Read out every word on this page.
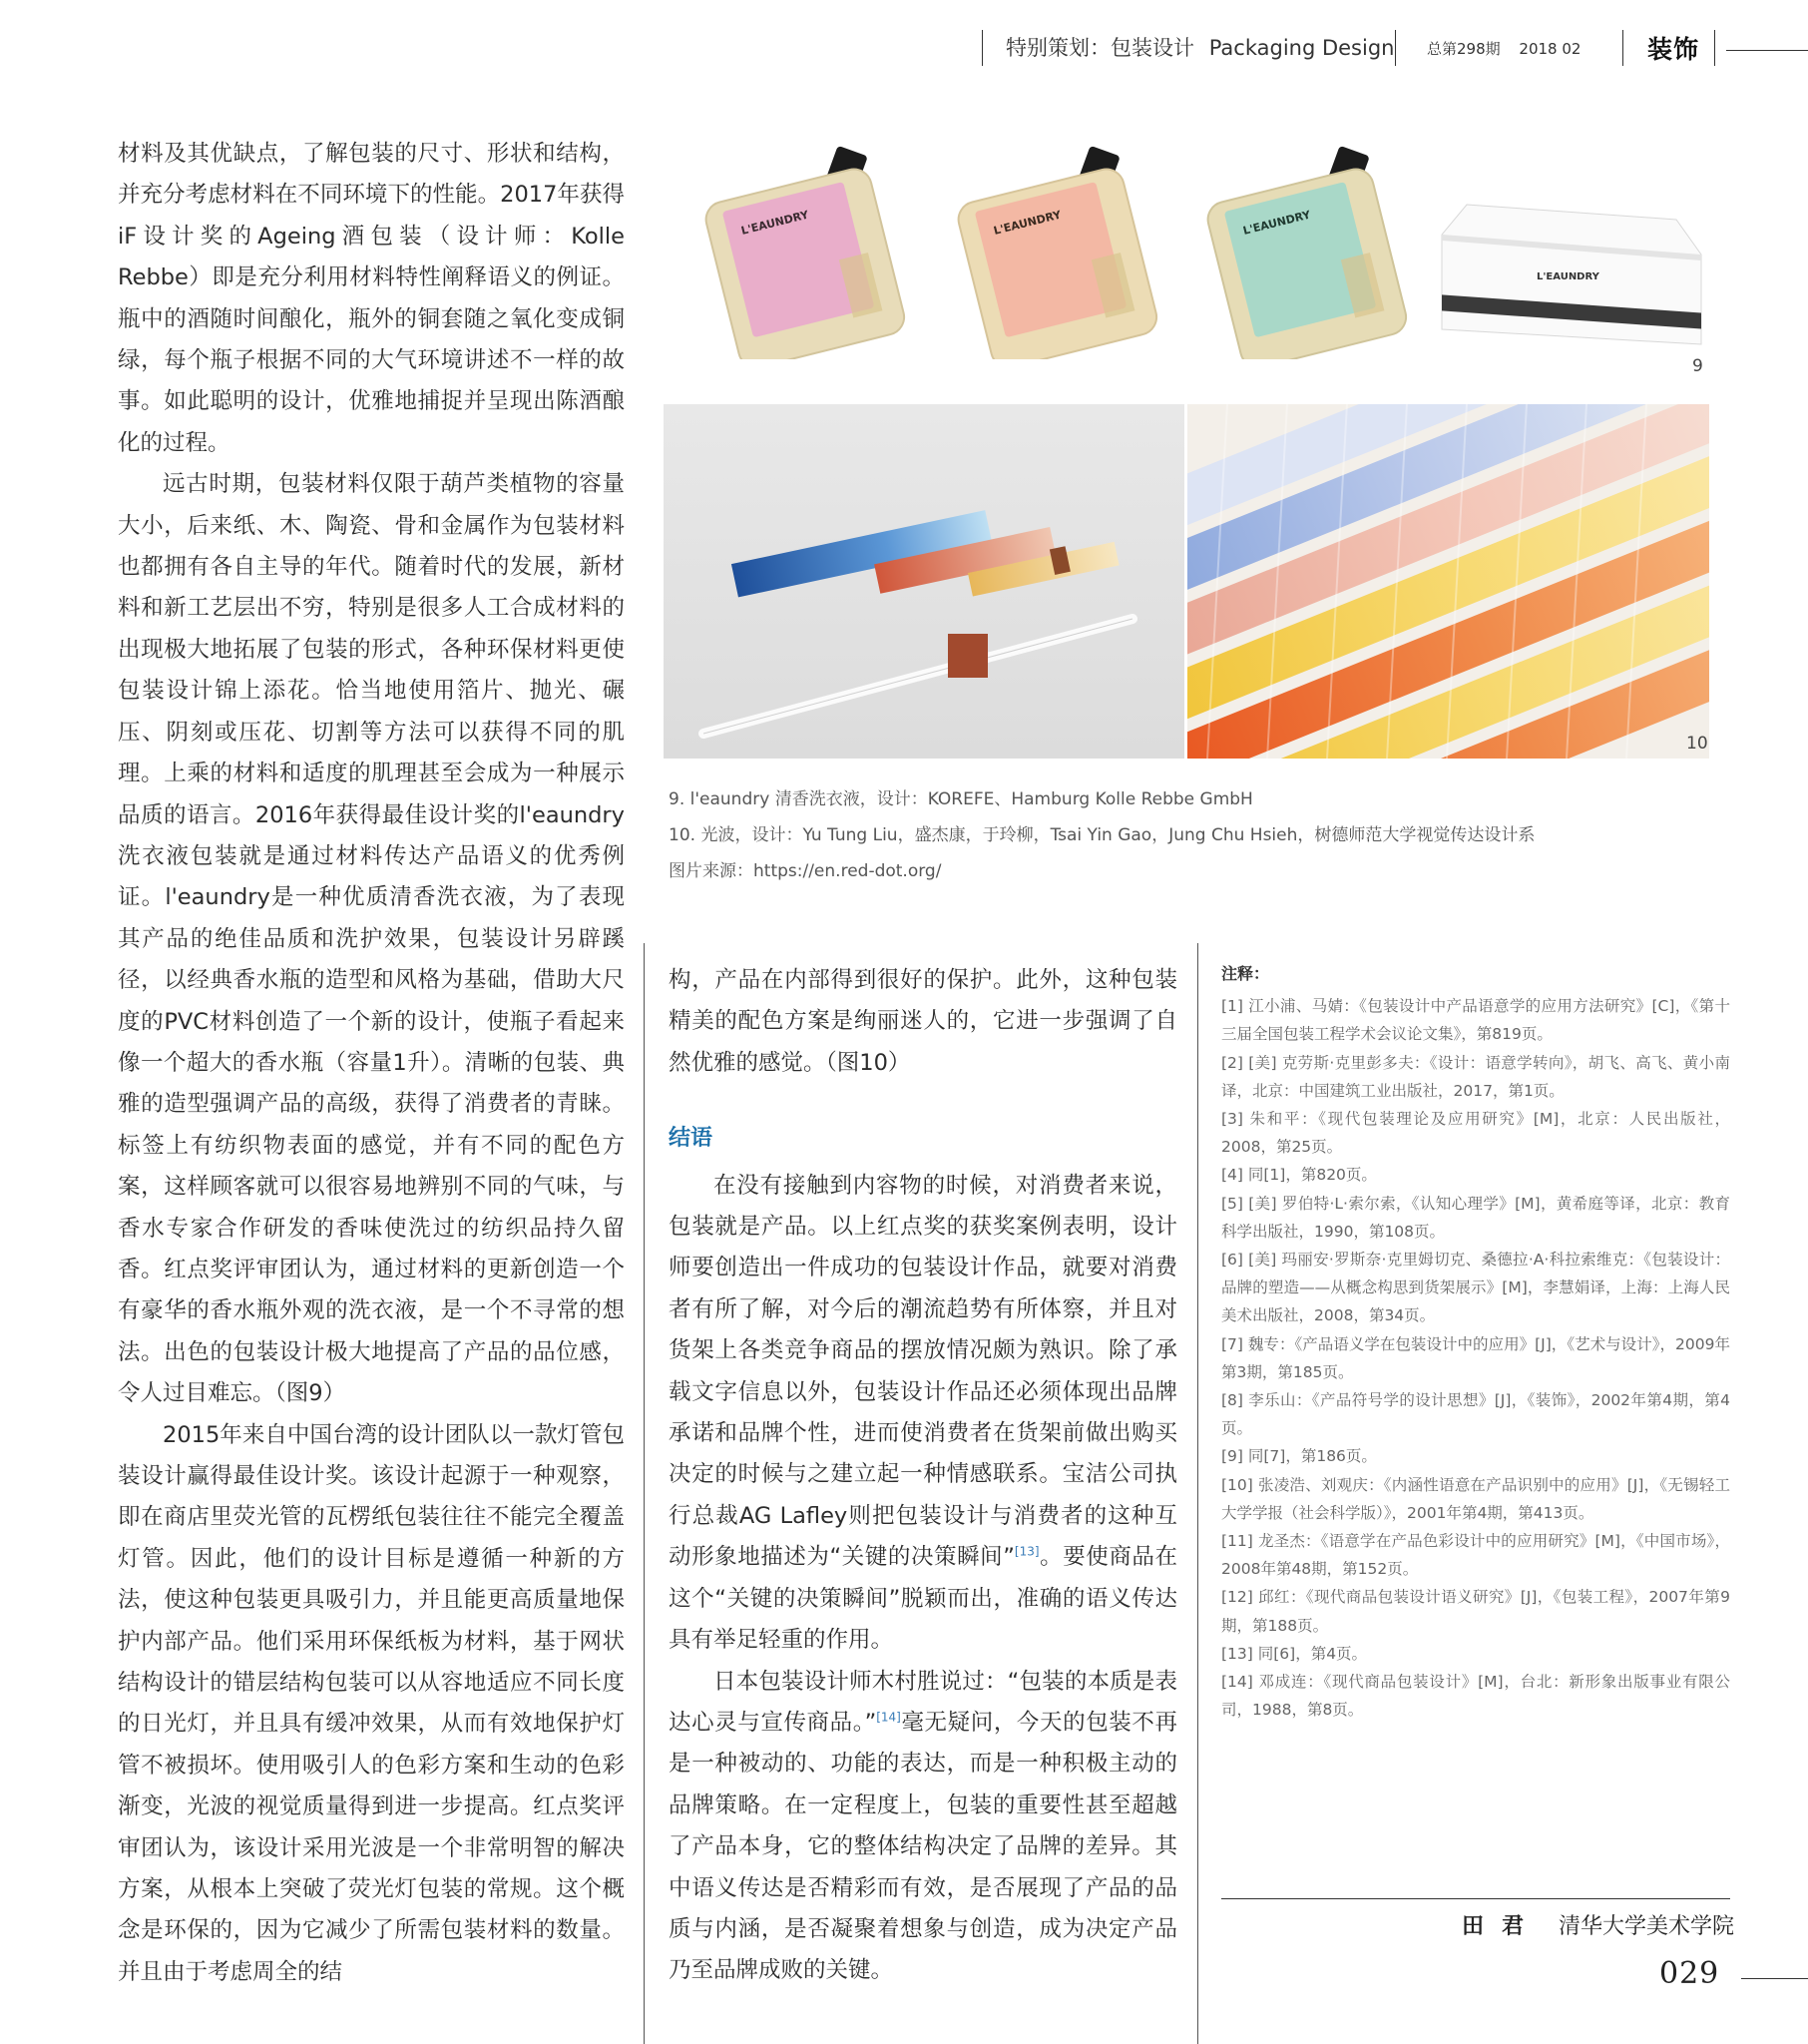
特别策划：包装设计 Packaging Design 总第298期 2018 02	装饰

材料及其优缺点，了解包装的尺寸、形状和结构，并充分考虑材料在不同环境下的性能。2017年获得iF设计奖的Ageing酒包装（设计师：Kolle Rebbe）即是充分利用材料特性阐释语义的例证。瓶中的酒随时间酿化，瓶外的铜套随之氧化变成铜绿，每个瓶子根据不同的大气环境讲述不一样的故事。如此聪明的设计，优雅地捕捉并呈现出陈酒酿化的过程。

远古时期，包装材料仅限于葫芦类植物的容量大小，后来纸、木、陶瓷、骨和金属作为包装材料也都拥有各自主导的年代。随着时代的发展，新材料和新工艺层出不穷，特别是很多人工合成材料的出现极大地拓展了包装的形式，各种环保材料更使包装设计锦上添花。恰当地使用箔片、抛光、碾压、阴刻或压花、切割等方法可以获得不同的肌理。上乘的材料和适度的肌理甚至会成为一种展示品质的语言。2016年获得最佳设计奖的l'eaundry洗衣液包装就是通过材料传达产品语义的优秀例证。l'eaundry是一种优质清香洗衣液，为了表现其产品的绝佳品质和洗护效果，包装设计另辟蹊径，以经典香水瓶的造型和风格为基础，借助大尺度的PVC材料创造了一个新的设计，使瓶子看起来像一个超大的香水瓶（容量1升）。清晰的包装、典雅的造型强调产品的高级，获得了消费者的青睐。标签上有纺织物表面的感觉，并有不同的配色方案，这样顾客就可以很容易地辨别不同的气味，与香水专家合作研发的香味使洗过的纺织品持久留香。红点奖评审团认为，通过材料的更新创造一个有豪华的香水瓶外观的洗衣液，是一个不寻常的想法。出色的包装设计极大地提高了产品的品位感，令人过目难忘。（图9）

2015年来自中国台湾的设计团队以一款灯管包装设计赢得最佳设计奖。该设计起源于一种观察，即在商店里荧光管的瓦楞纸包装往往不能完全覆盖灯管。因此，他们的设计目标是遵循一种新的方法，使这种包装更具吸引力，并且能更高质量地保护内部产品。他们采用环保纸板为材料，基于网状结构设计的错层结构包装可以从容地适应不同长度的日光灯，并且具有缓冲效果，从而有效地保护灯管不被损坏。使用吸引人的色彩方案和生动的色彩渐变，光波的视觉质量得到进一步提高。红点奖评审团认为，该设计采用光波是一个非常明智的解决方案，从根本上突破了荧光灯包装的常规。这个概念是环保的，因为它减少了所需包装材料的数量。并且由于考虑周全的结

L'EAUNDRY	L'EAUNDRY	L'EAUNDRY
L'EAUNDRY
9
10
9. l'eaundry 清香洗衣液，设计：KOREFE、Hamburg Kolle Rebbe GmbH
10. 光波，设计：Yu Tung Liu，盛杰康，于玲柳，Tsai Yin Gao，Jung Chu Hsieh，树德师范大学视觉传达设计系
图片来源：https://en.red-dot.org/

构，产品在内部得到很好的保护。此外，这种包装精美的配色方案是绚丽迷人的，它进一步强调了自然优雅的感觉。（图10）

结语

在没有接触到内容物的时候，对消费者来说，包装就是产品。以上红点奖的获奖案例表明，设计师要创造出一件成功的包装设计作品，就要对消费者有所了解，对今后的潮流趋势有所体察，并且对货架上各类竞争商品的摆放情况颇为熟识。除了承载文字信息以外，包装设计作品还必须体现出品牌承诺和品牌个性，进而使消费者在货架前做出购买决定的时候与之建立起一种情感联系。宝洁公司执行总裁AG Lafley则把包装设计与消费者的这种互动形象地描述为“关键的决策瞬间”[13]。要使商品在这个“关键的决策瞬间”脱颖而出，准确的语义传达具有举足轻重的作用。

日本包装设计师木村胜说过：“包装的本质是表达心灵与宣传商品。”[14]毫无疑问，今天的包装不再是一种被动的、功能的表达，而是一种积极主动的品牌策略。在一定程度上，包装的重要性甚至超越了产品本身，它的整体结构决定了品牌的差异。其中语义传达是否精彩而有效，是否展现了产品的品质与内涵，是否凝聚着想象与创造，成为决定产品乃至品牌成败的关键。

注释：

[1] 江小浦、马婧：《包装设计中产品语意学的应用方法研究》[C]，《第十三届全国包装工程学术会议论文集》，第819页。

[2] [美] 克劳斯·克里彭多夫：《设计：语意学转向》，胡飞、高飞、黄小南译，北京：中国建筑工业出版社，2017，第1页。

[3] 朱和平：《现代包装理论及应用研究》[M]，北京：人民出版社，2008，第25页。

[4] 同[1]，第820页。

[5] [美] 罗伯特·L·索尔索，《认知心理学》[M]，黄希庭等译，北京：教育科学出版社，1990，第108页。

[6] [美] 玛丽安·罗斯奈·克里姆切克、桑德拉·A·科拉索维克：《包装设计：品牌的塑造——从概念构思到货架展示》[M]，李慧娟译，上海：上海人民美术出版社，2008，第34页。

[7] 魏专：《产品语义学在包装设计中的应用》[J]，《艺术与设计》，2009年第3期，第185页。

[8] 李乐山：《产品符号学的设计思想》[J]，《装饰》，2002年第4期，第4页。

[9] 同[7]，第186页。

[10] 张凌浩、刘观庆：《内涵性语意在产品识别中的应用》[J]，《无锡轻工大学学报（社会科学版）》，2001年第4期，第413页。

[11] 龙圣杰：《语意学在产品色彩设计中的应用研究》[M]，《中国市场》，2008年第48期，第152页。

[12] 邱红：《现代商品包装设计语义研究》[J]，《包装工程》，2007年第9期，第188页。

[13] 同[6]，第4页。

[14] 邓成连：《现代商品包装设计》[M]，台北：新形象出版事业有限公司，1988，第8页。

田君 清华大学美术学院
029
